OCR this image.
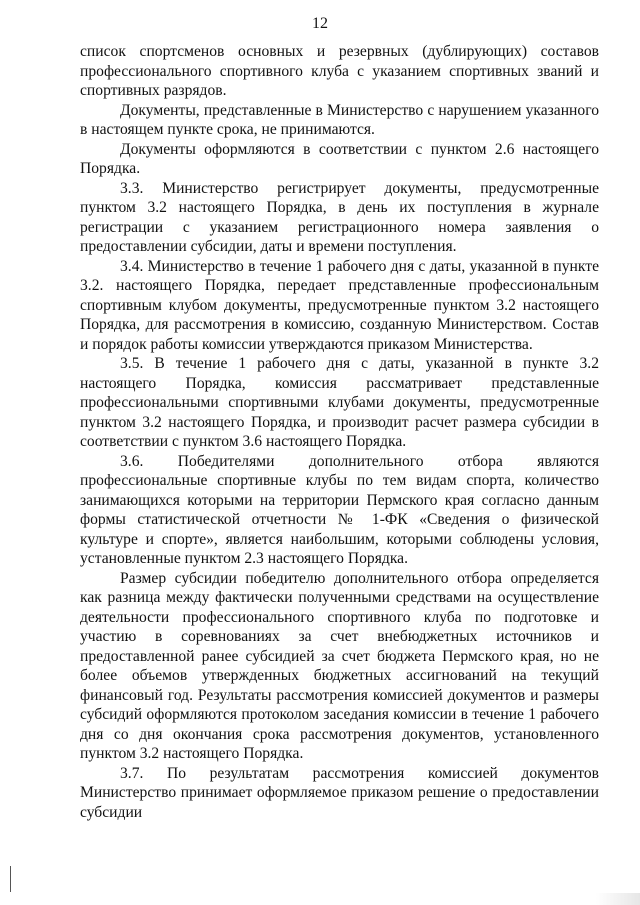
12

список спортсменов основных и резервных (дублирующих) составов профессионального спортивного клуба с указанием спортивных званий и спортивных разрядов.

Документы, представленные в Министерство с нарушением указанного в настоящем пункте срока, не принимаются.

Документы оформляются в соответствии с пунктом 2.6 настоящего Порядка.

3.3. Министерство регистрирует документы, предусмотренные пунктом 3.2 настоящего Порядка, в день их поступления в журнале регистрации с указанием регистрационного номера заявления о предоставлении субсидии, даты и времени поступления.

3.4. Министерство в течение 1 рабочего дня с даты, указанной в пункте 3.2. настоящего Порядка, передает представленные профессиональным спортивным клубом документы, предусмотренные пунктом 3.2 настоящего Порядка, для рассмотрения в комиссию, созданную Министерством. Состав и порядок работы комиссии утверждаются приказом Министерства.

3.5. В течение 1 рабочего дня с даты, указанной в пункте 3.2 настоящего Порядка, комиссия рассматривает представленные профессиональными спортивными клубами документы, предусмотренные пунктом 3.2 настоящего Порядка, и производит расчет размера субсидии в соответствии с пунктом 3.6 настоящего Порядка.

3.6. Победителями дополнительного отбора являются профессиональные спортивные клубы по тем видам спорта, количество занимающихся которыми на территории Пермского края согласно данным формы статистической отчетности № 1-ФК «Сведения о физической культуре и спорте», является наибольшим, которыми соблюдены условия, установленные пунктом 2.3 настоящего Порядка.

Размер субсидии победителю дополнительного отбора определяется как разница между фактически полученными средствами на осуществление деятельности профессионального спортивного клуба по подготовке и участию в соревнованиях за счет внебюджетных источников и предоставленной ранее субсидией за счет бюджета Пермского края, но не более объемов утвержденных бюджетных ассигнований на текущий финансовый год. Результаты рассмотрения комиссией документов и размеры субсидий оформляются протоколом заседания комиссии в течение 1 рабочего дня со дня окончания срока рассмотрения документов, установленного пунктом 3.2 настоящего Порядка.

3.7. По результатам рассмотрения комиссией документов Министерство принимает оформляемое приказом решение о предоставлении субсидии
